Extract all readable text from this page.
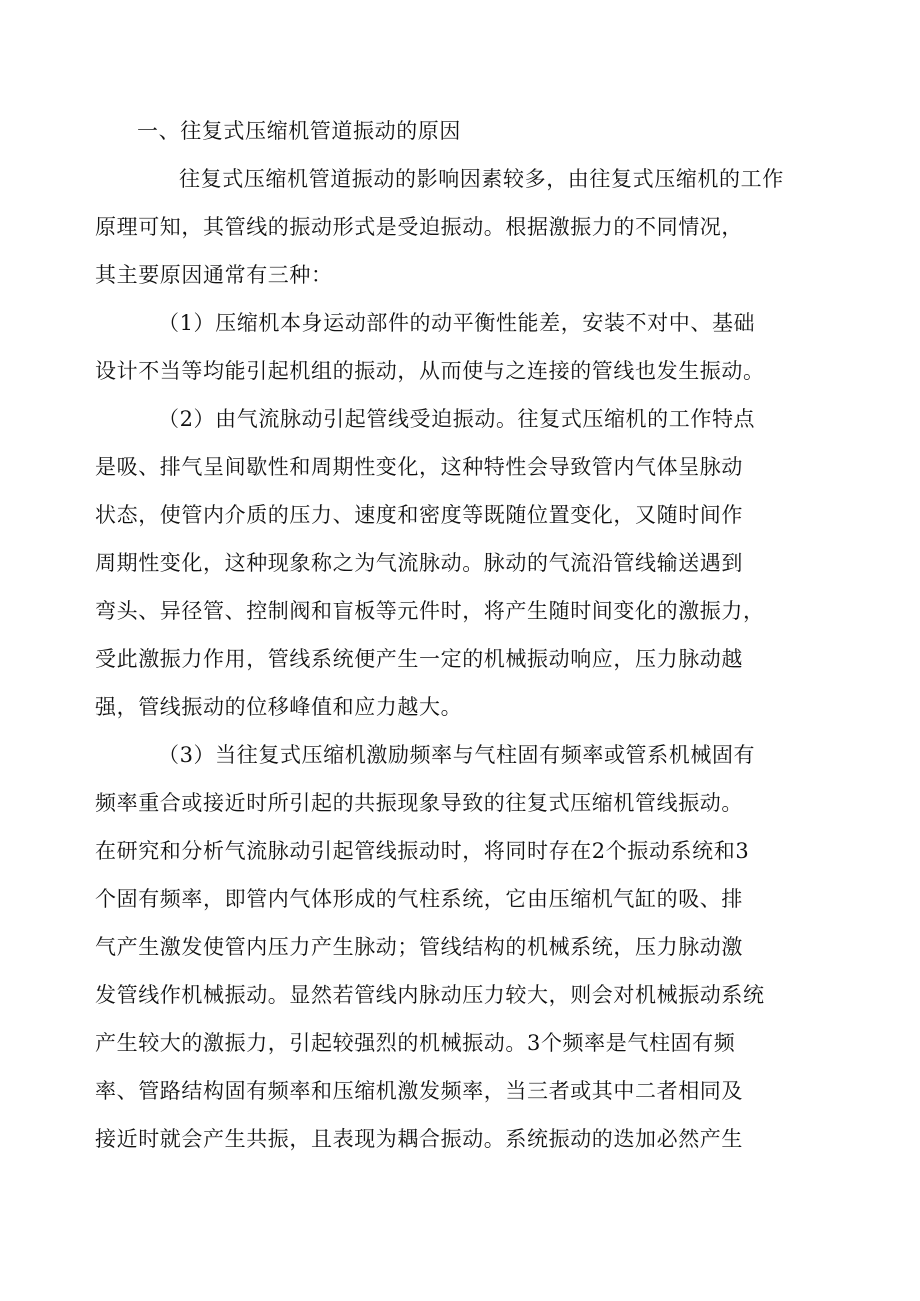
一、往复式压缩机管道振动的原因

往复式压缩机管道振动的影响因素较多，由往复式压缩机的工作
原理可知，其管线的振动形式是受迫振动。根据激振力的不同情况，
其主要原因通常有三种：

（1）压缩机本身运动部件的动平衡性能差，安装不对中、基础
设计不当等均能引起机组的振动，从而使与之连接的管线也发生振动。

（2）由气流脉动引起管线受迫振动。往复式压缩机的工作特点
是吸、排气呈间歇性和周期性变化，这种特性会导致管内气体呈脉动
状态，使管内介质的压力、速度和密度等既随位置变化，又随时间作
周期性变化，这种现象称之为气流脉动。脉动的气流沿管线输送遇到
弯头、异径管、控制阀和盲板等元件时，将产生随时间变化的激振力，
受此激振力作用，管线系统便产生一定的机械振动响应，压力脉动越
强，管线振动的位移峰值和应力越大。

（3）当往复式压缩机激励频率与气柱固有频率或管系机械固有
频率重合或接近时所引起的共振现象导致的往复式压缩机管线振动。
在研究和分析气流脉动引起管线振动时，将同时存在2个振动系统和3
个固有频率，即管内气体形成的气柱系统，它由压缩机气缸的吸、排
气产生激发使管内压力产生脉动；管线结构的机械系统，压力脉动激
发管线作机械振动。显然若管线内脉动压力较大，则会对机械振动系统
产生较大的激振力，引起较强烈的机械振动。3个频率是气柱固有频
率、管路结构固有频率和压缩机激发频率，当三者或其中二者相同及
接近时就会产生共振，且表现为耦合振动。系统振动的迭加必然产生
